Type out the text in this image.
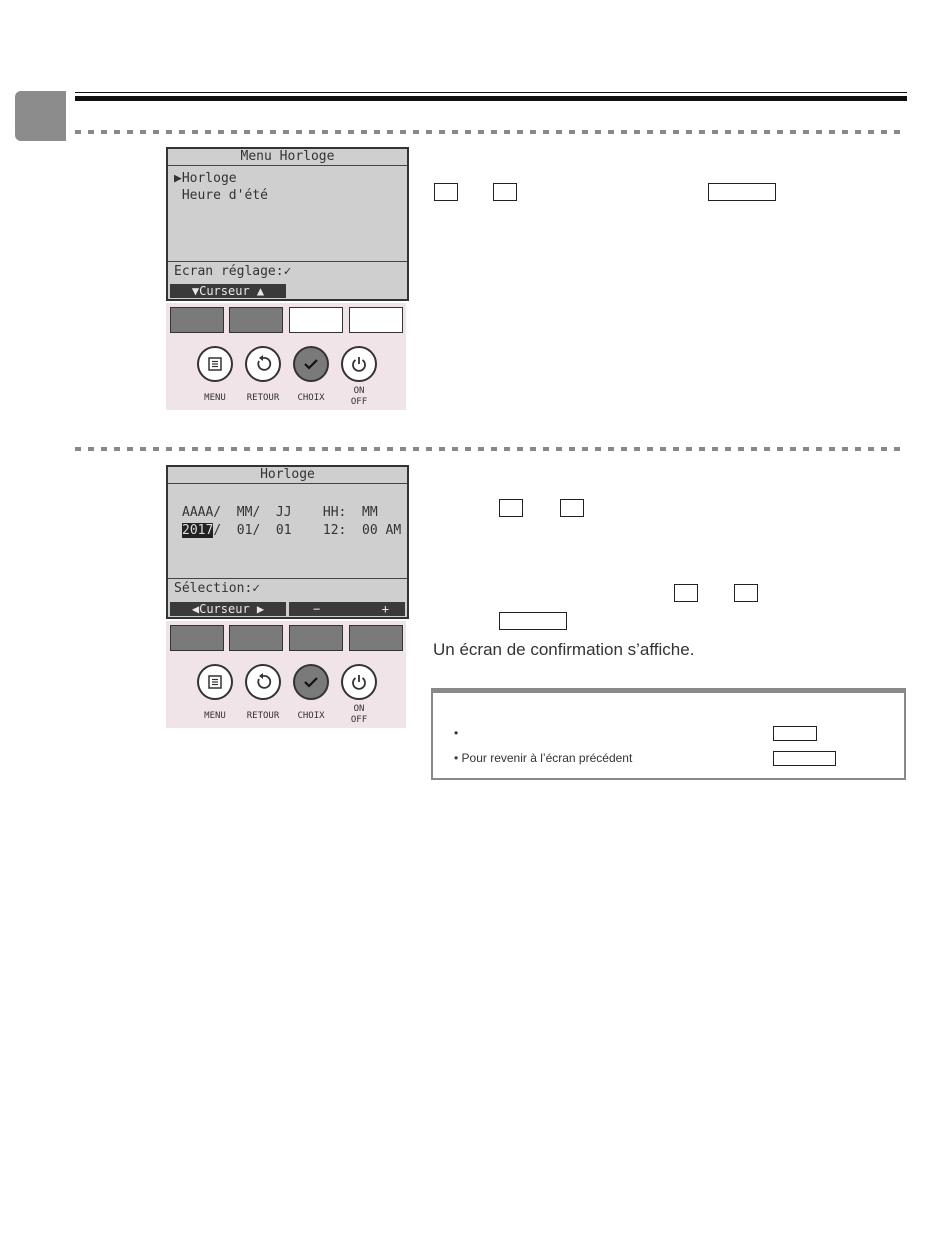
Menu Horloge
▶Horloge
Heure d'été
Ecran réglage:✓
▼Curseur ▲
MENU	RETOUR	CHOIX
ON
OFF
Horloge
AAAA/  MM/  JJ    HH:  MM
2017/  01/  01    12:  00 AM
Sélection:✓
◀Curseur ▶	−	+
MENU	RETOUR	CHOIX
ON
OFF
Un écran de confirmation s’affiche.
•
• Pour revenir à l’écran précédent
